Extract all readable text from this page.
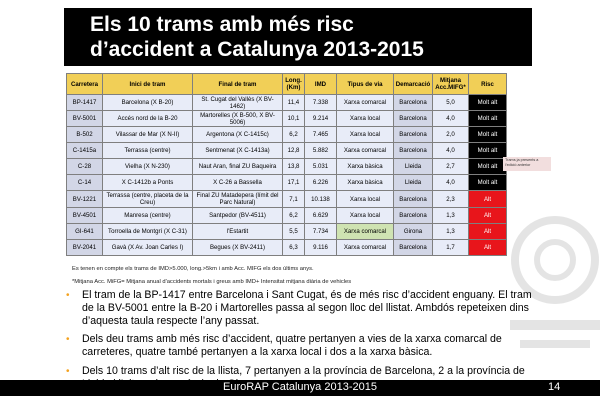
Els 10 trams amb més risc
d’accident a Catalunya 2013-2015
Carretera	Inici de tram	Final de tram	Long. (Km)	IMD	Tipus de via	Demarcació	Mitjana Acc.MIFG*	Risc
BP-1417	Barcelona (X B-20)	St. Cugat del Vallès (X BV-1462)	11,4	7.338	Xarxa comarcal	Barcelona	5,0	Molt alt
BV-5001	Accés nord de la B-20	Martorelles (X B-500, X BV-5006)	10,1	9.214	Xarxa local	Barcelona	4,0	Molt alt
B-502	Vilassar de Mar (X N-II)	Argentona (X C-1415c)	6,2	7.465	Xarxa local	Barcelona	2,0	Molt alt
C-1415a	Terrassa (centre)	Sentmenat (X C-1413a)	12,8	5.882	Xarxa comarcal	Barcelona	4,0	Molt alt
C-28	Vielha (X N-230)	Naut Aran, final ZU Baqueira	13,8	5.031	Xarxa bàsica	Lleida	2,7	Molt alt
C-14	X C-1412b a Ponts	X C-26 a Bassella	17,1	6.226	Xarxa bàsica	Lleida	4,0	Molt alt
BV-1221	Terrassa (centre, placeta de la Creu)	Final ZU Matadepera (límit del Parc Natural)	7,1	10.138	Xarxa local	Barcelona	2,3	Alt
BV-4501	Manresa (centre)	Santpedor (BV-4511)	6,2	6.629	Xarxa local	Barcelona	1,3	Alt
GI-641	Torroella de Montgrí (X C-31)	l'Estartit	5,5	7.734	Xarxa comarcal	Girona	1,3	Alt
BV-2041	Gavà (X Av. Joan Carles I)	Begues (X BV-2411)	6,3	9.116	Xarxa comarcal	Barcelona	1,7	Alt
Trams ja presents a l'edició anterior
Es tenen en compte els trams de IMD>5.000, long.>5km i amb Acc. MIFG els dos últims anys.
*Mitjana Acc. MiFG= Mitjana anual d'accidents mortals i greus amb IMD+ Intensitat mitjana diària de vehicles
• El tram de la BP-1417 entre Barcelona i Sant Cugat, és de més risc d’accident enguany. El tram de la BV-5001 entre la B-20 i Martorelles passa al segon lloc del llistat. Ambdós repeteixen dins d’aquesta taula respecte l’any passat.
• Dels deu trams amb més risc d’accident, quatre pertanyen a vies de la xarxa comarcal de carreteres, quatre també pertanyen a la xarxa local i dos a la xarxa bàsica.
• Dels 10 trams d’alt risc de la llista, 7 pertanyen a la província de Barcelona, 2 a la província de
EuroRAP Catalunya 2013-2015	14
